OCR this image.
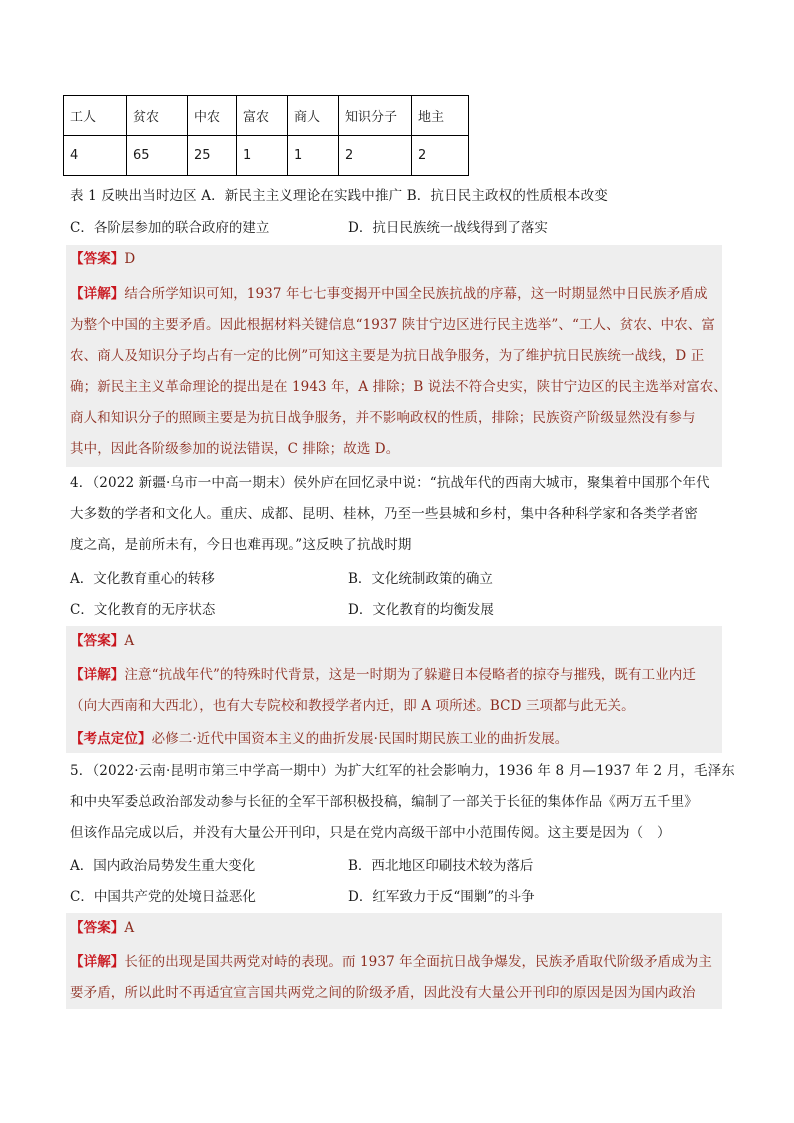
工人	贫农	中农	富农	商人	知识分子	地主
4	65	25	1	1	2	2
表 1 反映出当时边区 A．新民主主义理论在实践中推广 B．抗日民主政权的性质根本改变
C．各阶层参加的联合政府的建立	D．抗日民族统一战线得到了落实
【答案】D
【详解】结合所学知识可知，1937 年七七事变揭开中国全民族抗战的序幕，这一时期显然中日民族矛盾成
为整个中国的主要矛盾。因此根据材料关键信息“1937 陕甘宁边区进行民主选举”、“工人、贫农、中农、富
农、商人及知识分子均占有一定的比例”可知这主要是为抗日战争服务，为了维护抗日民族统一战线，D 正
确；新民主主义革命理论的提出是在 1943 年，A 排除；B 说法不符合史实，陕甘宁边区的民主选举对富农、
商人和知识分子的照顾主要是为抗日战争服务，并不影响政权的性质，排除；民族资产阶级显然没有参与
其中，因此各阶级参加的说法错误，C 排除；故选 D。
4．（2022 新疆·乌市一中高一期末）侯外庐在回忆录中说：“抗战年代的西南大城市，聚集着中国那个年代
大多数的学者和文化人。重庆、成都、昆明、桂林，乃至一些县城和乡村，集中各种科学家和各类学者密
度之高，是前所未有，今日也难再现。”这反映了抗战时期
A．文化教育重心的转移	B．文化统制政策的确立
C．文化教育的无序状态	D．文化教育的均衡发展
【答案】A
【详解】注意“抗战年代”的特殊时代背景，这是一时期为了躲避日本侵略者的掠夺与摧残，既有工业内迁
（向大西南和大西北），也有大专院校和教授学者内迁，即 A 项所述。BCD 三项都与此无关。
【考点定位】必修二·近代中国资本主义的曲折发展·民国时期民族工业的曲折发展。
5．（2022·云南·昆明市第三中学高一期中）为扩大红军的社会影响力，1936 年 8 月—1937 年 2 月，毛泽东
和中央军委总政治部发动参与长征的全军干部积极投稿，编制了一部关于长征的集体作品《两万五千里》
但该作品完成以后，并没有大量公开刊印，只是在党内高级干部中小范围传阅。这主要是因为（　）
A．国内政治局势发生重大变化	B．西北地区印刷技术较为落后
C．中国共产党的处境日益恶化	D．红军致力于反“围剿”的斗争
【答案】A
【详解】长征的出现是国共两党对峙的表现。而 1937 年全面抗日战争爆发，民族矛盾取代阶级矛盾成为主
要矛盾，所以此时不再适宜宣言国共两党之间的阶级矛盾，因此没有大量公开刊印的原因是因为国内政治
